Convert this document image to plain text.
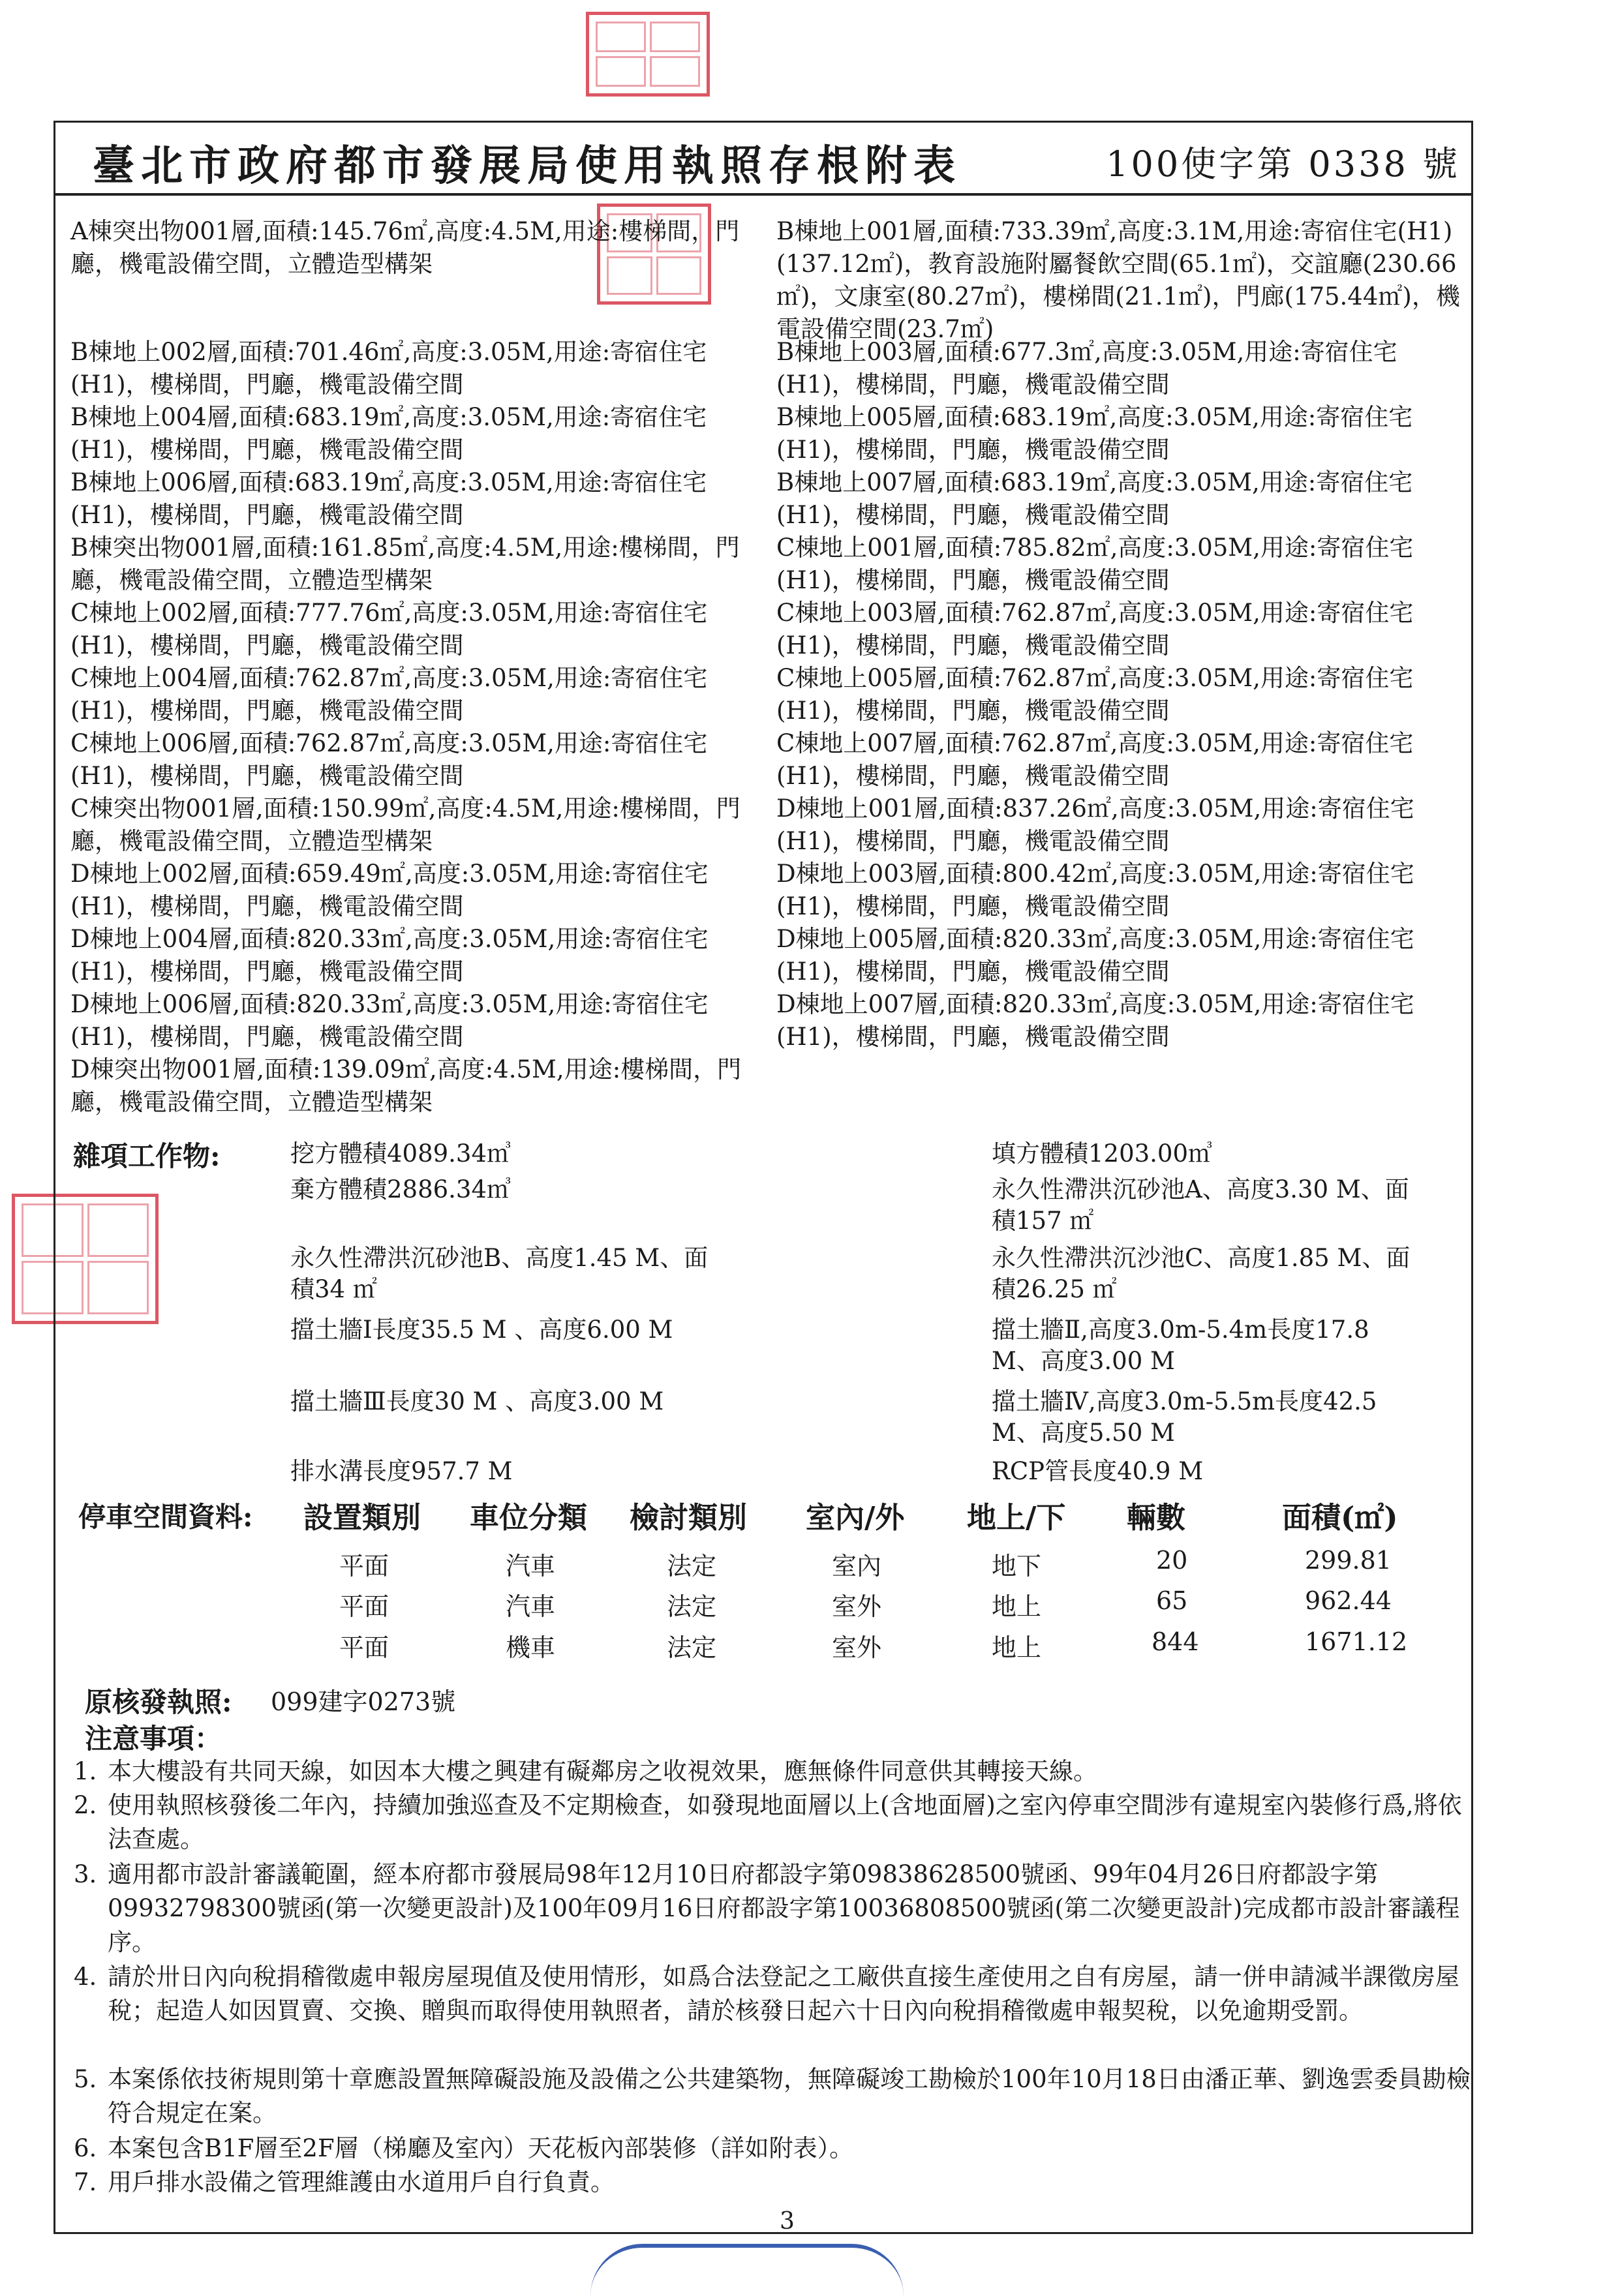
臺北市政府都市發展局使用執照存根附表	100使字第 0338 號
A棟突出物001層,面積:145.76㎡,高度:4.5M,用途:樓梯間，門廳，機電設備空間，立體造型構架
B棟地上002層,面積:701.46㎡,高度:3.05M,用途:寄宿住宅(H1)，樓梯間，門廳，機電設備空間
B棟地上004層,面積:683.19㎡,高度:3.05M,用途:寄宿住宅(H1)，樓梯間，門廳，機電設備空間
B棟地上006層,面積:683.19㎡,高度:3.05M,用途:寄宿住宅(H1)，樓梯間，門廳，機電設備空間
B棟突出物001層,面積:161.85㎡,高度:4.5M,用途:樓梯間，門廳，機電設備空間，立體造型構架
C棟地上002層,面積:777.76㎡,高度:3.05M,用途:寄宿住宅(H1)，樓梯間，門廳，機電設備空間
C棟地上004層,面積:762.87㎡,高度:3.05M,用途:寄宿住宅(H1)，樓梯間，門廳，機電設備空間
C棟地上006層,面積:762.87㎡,高度:3.05M,用途:寄宿住宅(H1)，樓梯間，門廳，機電設備空間
C棟突出物001層,面積:150.99㎡,高度:4.5M,用途:樓梯間，門廳，機電設備空間，立體造型構架
D棟地上002層,面積:659.49㎡,高度:3.05M,用途:寄宿住宅(H1)，樓梯間，門廳，機電設備空間
D棟地上004層,面積:820.33㎡,高度:3.05M,用途:寄宿住宅(H1)，樓梯間，門廳，機電設備空間
D棟地上006層,面積:820.33㎡,高度:3.05M,用途:寄宿住宅(H1)，樓梯間，門廳，機電設備空間
D棟突出物001層,面積:139.09㎡,高度:4.5M,用途:樓梯間，門廳，機電設備空間，立體造型構架
B棟地上001層,面積:733.39㎡,高度:3.1M,用途:寄宿住宅(H1)(137.12㎡)，教育設施附屬餐飲空間(65.1㎡)，交誼廳(230.66㎡)，文康室(80.27㎡)，樓梯間(21.1㎡)，門廊(175.44㎡)，機電設備空間(23.7㎡)
B棟地上003層,面積:677.3㎡,高度:3.05M,用途:寄宿住宅(H1)，樓梯間，門廳，機電設備空間
B棟地上005層,面積:683.19㎡,高度:3.05M,用途:寄宿住宅(H1)，樓梯間，門廳，機電設備空間
B棟地上007層,面積:683.19㎡,高度:3.05M,用途:寄宿住宅(H1)，樓梯間，門廳，機電設備空間
C棟地上001層,面積:785.82㎡,高度:3.05M,用途:寄宿住宅(H1)，樓梯間，門廳，機電設備空間
C棟地上003層,面積:762.87㎡,高度:3.05M,用途:寄宿住宅(H1)，樓梯間，門廳，機電設備空間
C棟地上005層,面積:762.87㎡,高度:3.05M,用途:寄宿住宅(H1)，樓梯間，門廳，機電設備空間
C棟地上007層,面積:762.87㎡,高度:3.05M,用途:寄宿住宅(H1)，樓梯間，門廳，機電設備空間
D棟地上001層,面積:837.26㎡,高度:3.05M,用途:寄宿住宅(H1)，樓梯間，門廳，機電設備空間
D棟地上003層,面積:800.42㎡,高度:3.05M,用途:寄宿住宅(H1)，樓梯間，門廳，機電設備空間
D棟地上005層,面積:820.33㎡,高度:3.05M,用途:寄宿住宅(H1)，樓梯間，門廳，機電設備空間
D棟地上007層,面積:820.33㎡,高度:3.05M,用途:寄宿住宅(H1)，樓梯間，門廳，機電設備空間
雜項工作物:	挖方體積4089.34㎥	填方體積1203.00㎥
棄方體積2886.34㎥	永久性滯洪沉砂池A、高度3.30 M、面積157 ㎡
永久性滯洪沉砂池B、高度1.45 M、面積34 ㎡
永久性滯洪沉沙池C、高度1.85 M、面積26.25 ㎡
擋土牆Ⅰ長度35.5 M 、高度6.00 M	擋土牆Ⅱ,高度3.0m-5.4m長度17.8 M、高度3.00 M
擋土牆Ⅲ長度30 M 、高度3.00 M	擋土牆Ⅳ,高度3.0m-5.5m長度42.5 M、高度5.50 M
排水溝長度957.7 M	RCP管長度40.9 M
停車空間資料: 設置類別 車位分類 檢討類別 室內/外 地上/下 輛數	面積(㎡)
平面	汽車	法定	室內	地下	20	299.81
平面	汽車	法定	室外	地上	65	962.44
平面	機車	法定	室外	地上	844	1671.12
原核發執照: 099建字0273號
注意事項：
1. 本大樓設有共同天線，如因本大樓之興建有礙鄰房之收視效果，應無條件同意供其轉接天線。
2. 使用執照核發後二年內，持續加強巡查及不定期檢查，如發現地面層以上(含地面層)之室內停車空間涉有違規室內裝修行爲,將依法查處。
3. 適用都市設計審議範圍，經本府都市發展局98年12月10日府都設字第09838628500號函、99年04月26日府都設字第09932798300號函(第一次變更設計)及100年09月16日府都設字第10036808500號函(第二次變更設計)完成都市設計審議程序。
4. 請於卅日內向稅捐稽徵處申報房屋現值及使用情形，如爲合法登記之工廠供直接生產使用之自有房屋，請一併申請減半課徵房屋稅；起造人如因買賣、交換、贈與而取得使用執照者，請於核發日起六十日內向稅捐稽徵處申報契稅，以免逾期受罰。
5. 本案係依技術規則第十章應設置無障礙設施及設備之公共建築物，無障礙竣工勘檢於100年10月18日由潘正華、劉逸雲委員勘檢符合規定在案。
6. 本案包含B1F層至2F層（梯廳及室內）天花板內部裝修（詳如附表）。
7. 用戶排水設備之管理維護由水道用戶自行負責。
3
